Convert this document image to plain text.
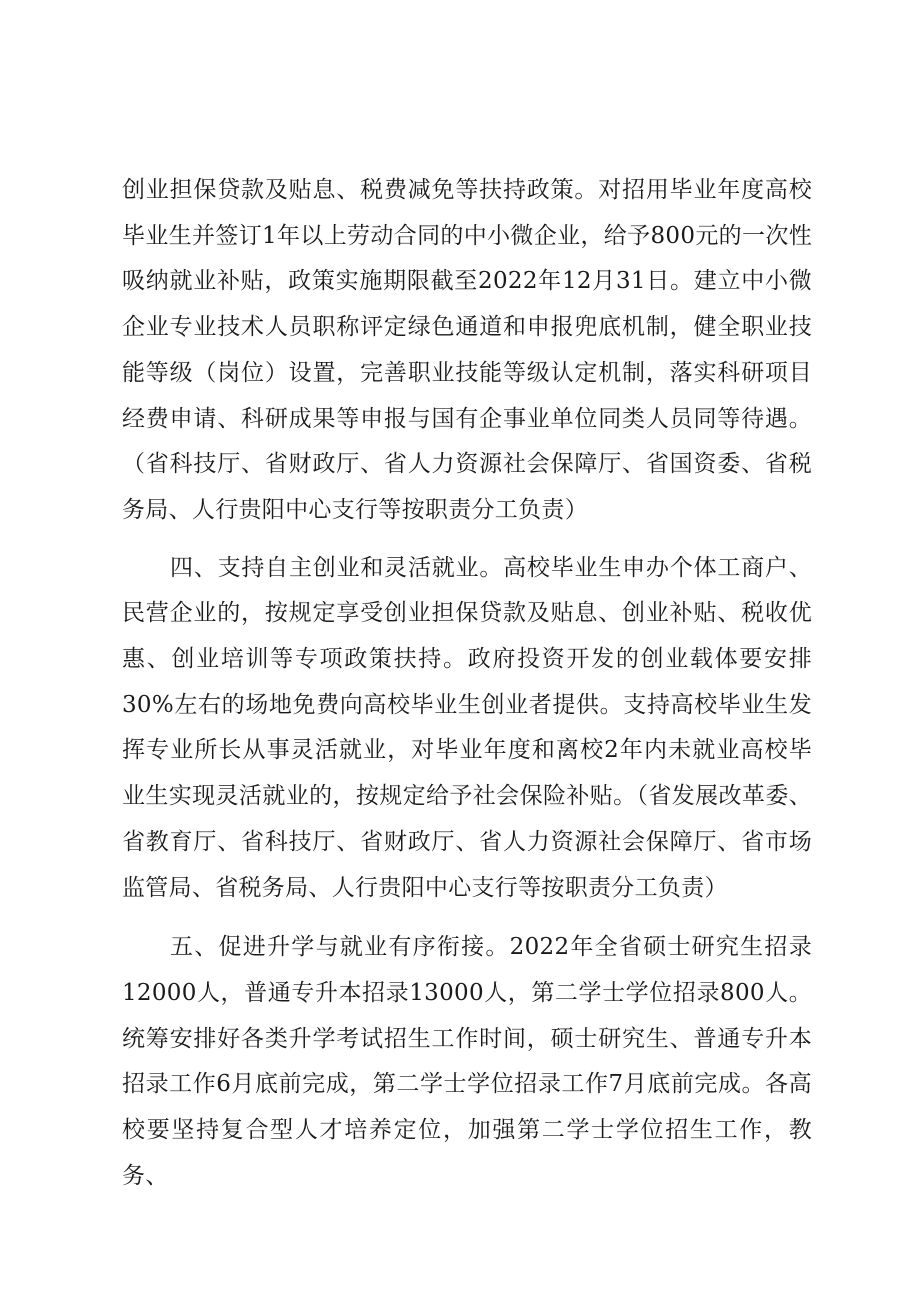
创业担保贷款及贴息、税费减免等扶持政策。对招用毕业年度高校毕业生并签订1年以上劳动合同的中小微企业，给予800元的一次性吸纳就业补贴，政策实施期限截至2022年12月31日。建立中小微企业专业技术人员职称评定绿色通道和申报兜底机制，健全职业技能等级（岗位）设置，完善职业技能等级认定机制，落实科研项目经费申请、科研成果等申报与国有企事业单位同类人员同等待遇。（省科技厅、省财政厅、省人力资源社会保障厅、省国资委、省税务局、人行贵阳中心支行等按职责分工负责）

四、支持自主创业和灵活就业。高校毕业生申办个体工商户、民营企业的，按规定享受创业担保贷款及贴息、创业补贴、税收优惠、创业培训等专项政策扶持。政府投资开发的创业载体要安排30%左右的场地免费向高校毕业生创业者提供。支持高校毕业生发挥专业所长从事灵活就业，对毕业年度和离校2年内未就业高校毕业生实现灵活就业的，按规定给予社会保险补贴。（省发展改革委、省教育厅、省科技厅、省财政厅、省人力资源社会保障厅、省市场监管局、省税务局、人行贵阳中心支行等按职责分工负责）

五、促进升学与就业有序衔接。2022年全省硕士研究生招录12000人，普通专升本招录13000人，第二学士学位招录800人。统筹安排好各类升学考试招生工作时间，硕士研究生、普通专升本招录工作6月底前完成，第二学士学位招录工作7月底前完成。各高校要坚持复合型人才培养定位，加强第二学士学位招生工作，教务、
